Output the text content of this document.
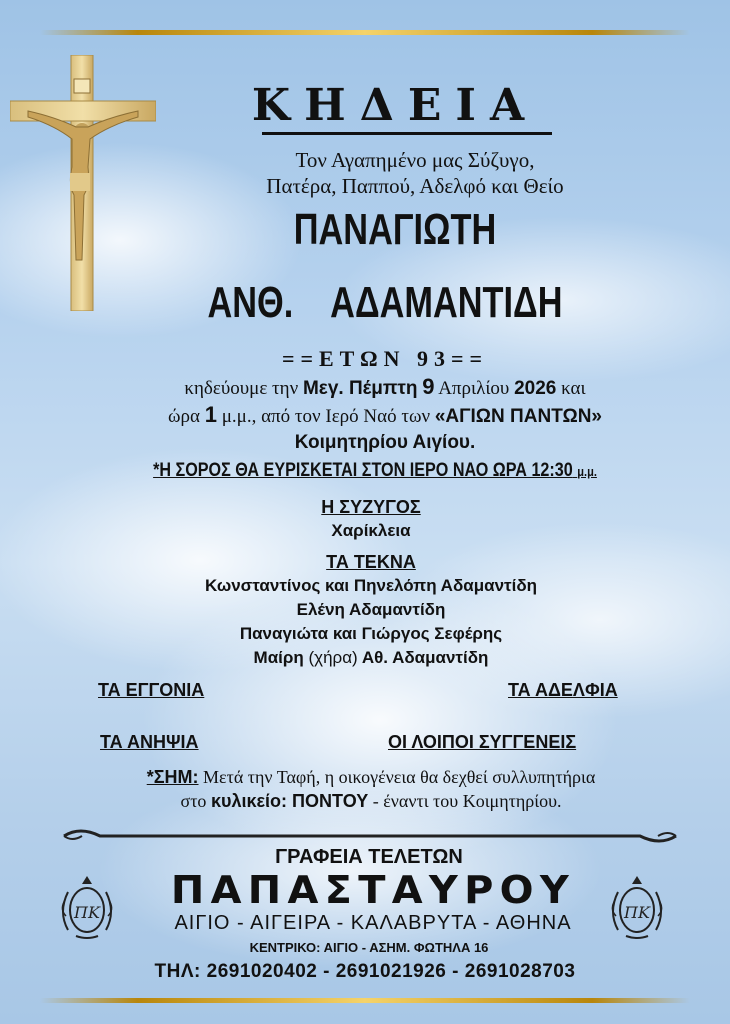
ΚΗΔΕΙΑ
Τον Αγαπημένο μας Σύζυγο,
Πατέρα, Παππού, Αδελφό και Θείο
ΠΑΝΑΓΙΩΤΗ
ΑΝΘ. ΑΔΑΜΑΝΤΙΔΗ
==ΕΤΩΝ 93==
κηδεύουμε την Μεγ. Πέμπτη 9 Απριλίου 2026 και
ώρα 1 μ.μ., από τον Ιερό Ναό των «ΑΓΙΩΝ ΠΑΝΤΩΝ»
Κοιμητηρίου Αιγίου.
*Η ΣΟΡΟΣ ΘΑ ΕΥΡΙΣΚΕΤΑΙ ΣΤΟΝ ΙΕΡΟ ΝΑΟ ΩΡΑ 12:30 μ.μ.
Η ΣΥΖΥΓΟΣ
Χαρίκλεια
ΤΑ ΤΕΚΝΑ
Κωνσταντίνος και Πηνελόπη Αδαμαντίδη
Ελένη Αδαμαντίδη
Παναγιώτα και Γιώργος Σεφέρης
Μαίρη (χήρα) Αθ. Αδαμαντίδη
ΤΑ ΕΓΓΟΝΙΑ	ΤΑ ΑΔΕΛΦΙΑ
ΤΑ ΑΝΗΨΙΑ	ΟΙ ΛΟΙΠΟΙ ΣΥΓΓΕΝΕΙΣ
*ΣΗΜ: Μετά την Ταφή, η οικογένεια θα δεχθεί συλλυπητήρια
στο κυλικείο: ΠΟΝΤΟΥ - έναντι του Κοιμητηρίου.
ΠΚ	ΠΚ
ΓΡΑΦΕΙΑ ΤΕΛΕΤΩΝ
ΠΑΠΑΣΤΑΥΡΟΥ
ΑΙΓΙΟ - ΑΙΓΕΙΡΑ - ΚΑΛΑΒΡΥΤΑ - ΑΘΗΝΑ
ΚΕΝΤΡΙΚΟ: ΑΙΓΙΟ - ΑΣΗΜ. ΦΩΤΗΛΑ 16
ΤΗΛ: 2691020402 - 2691021926 - 2691028703
